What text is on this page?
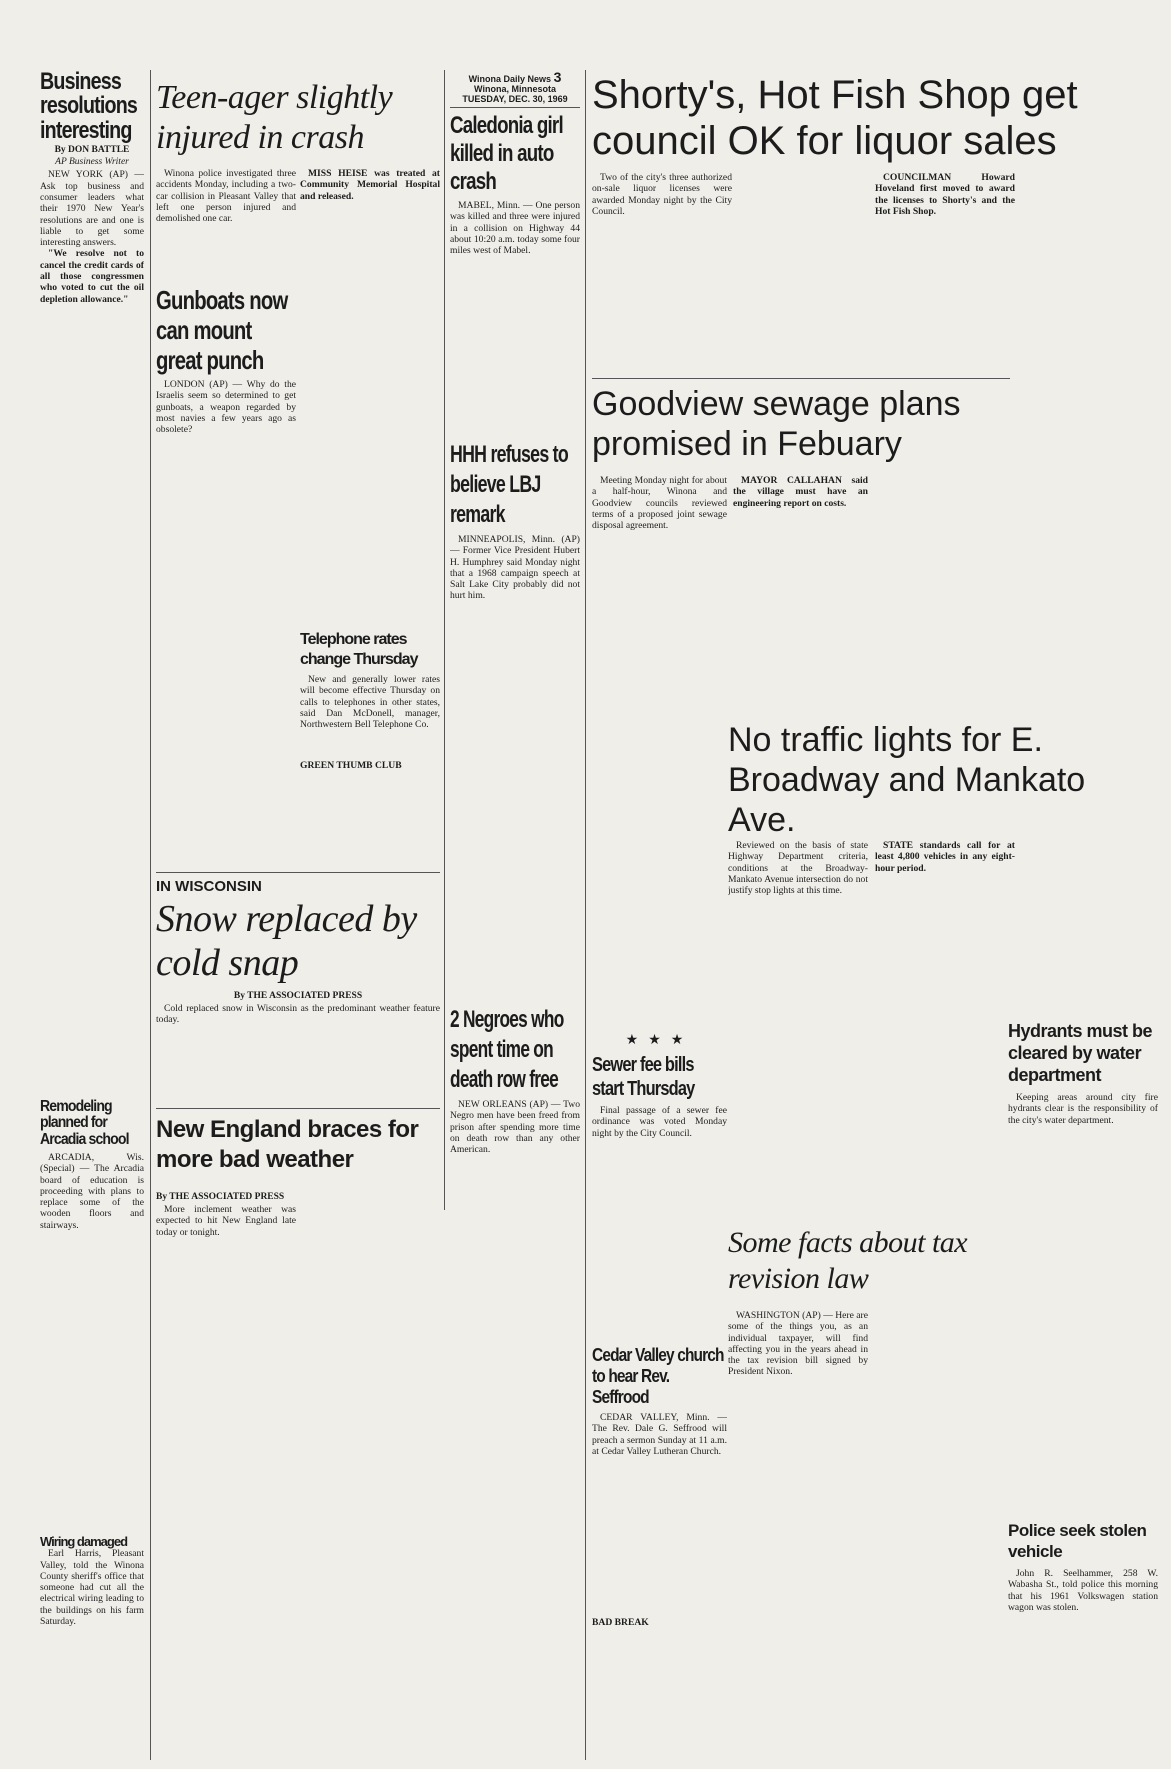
Business resolutions interesting
By DON BATTLE
AP Business Writer

NEW YORK (AP) — Ask top business and consumer leaders what their 1970 New Year's resolutions are and one is liable to get some interesting answers.

"We resolve not to cancel the credit cards of all those congressmen who voted to cut the oil depletion allowance."

Remodeling planned for Arcadia school

ARCADIA, Wis. (Special) — The Arcadia board of education is proceeding with plans to replace some of the wooden floors and stairways.

Wiring damaged

Earl Harris, Pleasant Valley, told the Winona County sheriff's office that someone had cut all the electrical wiring leading to the buildings on his farm Saturday.

Teen-ager slightly injured in crash

Winona police investigated three accidents Monday, including a two-car collision in Pleasant Valley that left one person injured and demolished one car.

MISS HEISE was treated at Community Memorial Hospital and released.

Gunboats now can mount great punch

LONDON (AP) — Why do the Israelis seem so determined to get gunboats, a weapon regarded by most navies a few years ago as obsolete?

Telephone rates change Thursday

New and generally lower rates will become effective Thursday on calls to telephones in other states, said Dan McDonell, manager, Northwestern Bell Telephone Co.

GREEN THUMB CLUB
IN WISCONSIN
Snow replaced by cold snap
By THE ASSOCIATED PRESS

Cold replaced snow in Wisconsin as the predominant weather feature today.

New England braces for more bad weather
By THE ASSOCIATED PRESS

More inclement weather was expected to hit New England late today or tonight.

Winona Daily News 3
Winona, Minnesota
TUESDAY, DEC. 30, 1969
Caledonia girl killed in auto crash

MABEL, Minn. — One person was killed and three were injured in a collision on Highway 44 about 10:20 a.m. today some four miles west of Mabel.

HHH refuses to believe LBJ remark

MINNEAPOLIS, Minn. (AP) — Former Vice President Hubert H. Humphrey said Monday night that a 1968 campaign speech at Salt Lake City probably did not hurt him.

2 Negroes who spent time on death row free

NEW ORLEANS (AP) — Two Negro men have been freed from prison after spending more time on death row than any other American.

Shorty's, Hot Fish Shop get council OK for liquor sales

Two of the city's three authorized on-sale liquor licenses were awarded Monday night by the City Council.

COUNCILMAN Howard Hoveland first moved to award the licenses to Shorty's and the Hot Fish Shop.

Goodview sewage plans promised in Febuary

Meeting Monday night for about a half-hour, Winona and Goodview councils reviewed terms of a proposed joint sewage disposal agreement.

MAYOR CALLAHAN said the village must have an engineering report on costs.

No traffic lights for E. Broadway and Mankato Ave.

Reviewed on the basis of state Highway Department criteria, conditions at the Broadway-Mankato Avenue intersection do not justify stop lights at this time.

STATE standards call for at least 4,800 vehicles in any eight-hour period.

★★★
Sewer fee bills start Thursday

Final passage of a sewer fee ordinance was voted Monday night by the City Council.

Cedar Valley church to hear Rev. Seffrood

CEDAR VALLEY, Minn. — The Rev. Dale G. Seffrood will preach a sermon Sunday at 11 a.m. at Cedar Valley Lutheran Church.

BAD BREAK
Some facts about tax revision law

WASHINGTON (AP) — Here are some of the things you, as an individual taxpayer, will find affecting you in the years ahead in the tax revision bill signed by President Nixon.

Hydrants must be cleared by water department

Keeping areas around city fire hydrants clear is the responsibility of the city's water department.

Police seek stolen vehicle

John R. Seelhammer, 258 W. Wabasha St., told police this morning that his 1961 Volkswagen station wagon was stolen.
